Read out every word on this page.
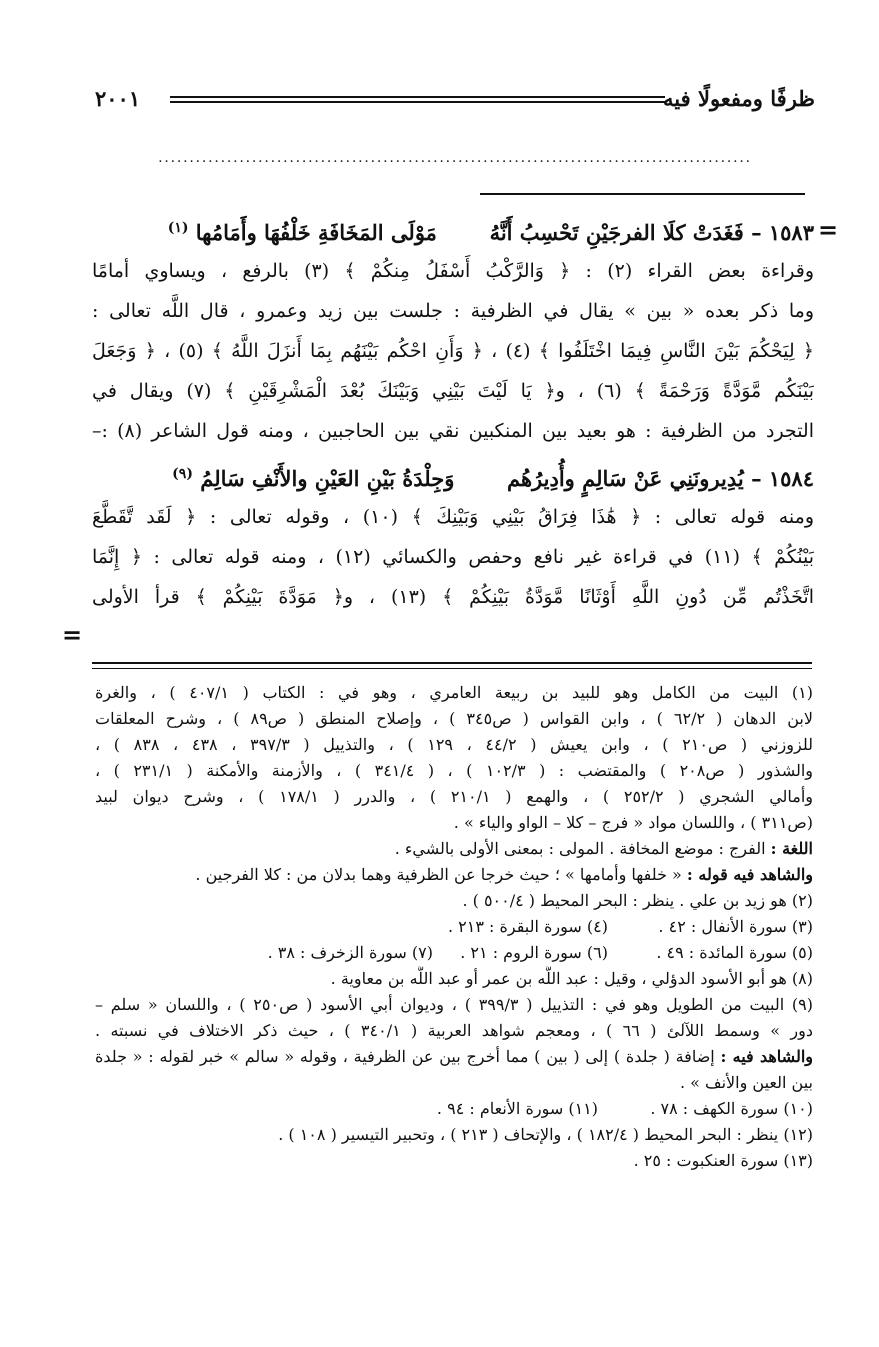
ظرفًا ومفعولًا فيه
٢٠٠١
...............................................................................................
=
١٥٨٣ – فَغَدَتْ كلَا الفرجَيْنِ تَحْسِبُ أَنَّهُ  مَوْلَى المَخَافَةِ خَلْفُهَا وأَمَامُها $^{(١)}$
وقراءة بعض القراء (٢) : ﴿ وَالرَّكْبُ أَسْفَلُ مِنكُمْ ﴾ (٣) بالرفع ، ويساوي أمامًا
وما ذكر بعده « بين » يقال في الظرفية : جلست بين زيد وعمرو ، قال اللَّه تعالى :
﴿ لِيَحْكُمَ بَيْنَ النَّاسِ فِيمَا اخْتَلَفُوا ﴾ (٤) ، ﴿ وَأَنِ احْكُم بَيْنَهُم بِمَا أَنزَلَ اللَّهُ ﴾ (٥) ، ﴿ وَجَعَلَ
بَيْنَكُم مَّوَدَّةً وَرَحْمَةً ﴾ (٦) ، و﴿ يَا لَيْتَ بَيْنِي وَبَيْنَكَ بُعْدَ الْمَشْرِقَيْنِ ﴾ (٧) ويقال في
التجرد من الظرفية : هو بعيد بين المنكبين نقي بين الحاجبين ، ومنه قول الشاعر (٨) :–
١٥٨٤ – يُدِيرونَنِي عَنْ سَالِمٍ وأُدِيرُهُم  وَجِلْدَةُ بَيْنِ العَيْنِ والأَنْفِ سَالِمُ $^{(٩)}$
ومنه قوله تعالى : ﴿ هَٰذَا فِرَاقُ بَيْنِي وَبَيْنِكَ ﴾ (١٠) ، وقوله تعالى : ﴿ لَقَد تَّقَطَّعَ
بَيْنُكُمْ ﴾ (١١) في قراءة غير نافع وحفص والكسائي (١٢) ، ومنه قوله تعالى : ﴿ إِنَّمَا
اتَّخَذْتُم مِّن دُونِ اللَّهِ أَوْثَانًا مَّوَدَّةُ بَيْنِكُمْ ﴾ (١٣) ، و﴿ مَوَدَّةَ بَيْنِكُمْ ﴾ قرأ الأولى
=
(١) البيت من الكامل وهو للبيد بن ربيعة العامري ، وهو في : الكتاب ( ٤٠٧/١ ) ، والغرة
لابن الدهان ( ٦٢/٢ ) ، وابن القواس ( ص٣٤٥ ) ، وإصلاح المنطق ( ص٨٩ ) ، وشرح المعلقات
للزوزني ( ص٢١٠ ) ، وابن يعيش ( ٤٤/٢ ، ١٢٩ ) ، والتذييل ( ٣٩٧/٣ ، ٤٣٨ ، ٨٣٨ ) ،
والشذور ( ص٢٠٨ ) والمقتضب : ( ١٠٢/٣ ) ، ( ٣٤١/٤ ) ، والأزمنة والأمكنة ( ٢٣١/١ ) ،
وأمالي الشجري ( ٢٥٢/٢ ) ، والهمع ( ٢١٠/١ ) ، والدرر ( ١٧٨/١ ) ، وشرح ديوان لبيد
(ص٣١١ ) ، واللسان مواد « فرج – كلا – الواو والياء » .
اللغة : الفرج : موضع المخافة . المولى : بمعنى الأولى بالشيء .
والشاهد فيه قوله : « خلفها وأمامها » ؛ حيث خرجا عن الظرفية وهما بدلان من : كلا الفرجين .
(٢) هو زيد بن علي . ينظر : البحر المحيط ( ٥٠٠/٤ ) .
(٣) سورة الأنفال : ٤٢ .
(٤) سورة البقرة : ٢١٣ .
(٥) سورة المائدة : ٤٩ .
(٦) سورة الروم : ٢١ .
(٧) سورة الزخرف : ٣٨ .
(٨) هو أبو الأسود الدؤلي ، وقيل : عبد اللَّه بن عمر أو عبد اللَّه بن معاوية .
(٩) البيت من الطويل وهو في : التذييل ( ٣٩٩/٣ ) ، وديوان أبي الأسود ( ص٢٥٠ ) ، واللسان « سلم –
دور » وسمط اللآلئ ( ٦٦ ) ، ومعجم شواهد العربية ( ٣٤٠/١ ) ، حيث ذكر الاختلاف في نسبته .
والشاهد فيه : إضافة ( جلدة ) إلى ( بين ) مما أخرج بين عن الظرفية ، وقوله « سالم » خبر لقوله : « جلدة
بين العين والأنف » .
(١٠) سورة الكهف : ٧٨ .
(١١) سورة الأنعام : ٩٤ .
(١٢) ينظر : البحر المحيط ( ١٨٢/٤ ) ، والإتحاف ( ٢١٣ ) ، وتحبير التيسير ( ١٠٨ ) .
(١٣) سورة العنكبوت : ٢٥ .
